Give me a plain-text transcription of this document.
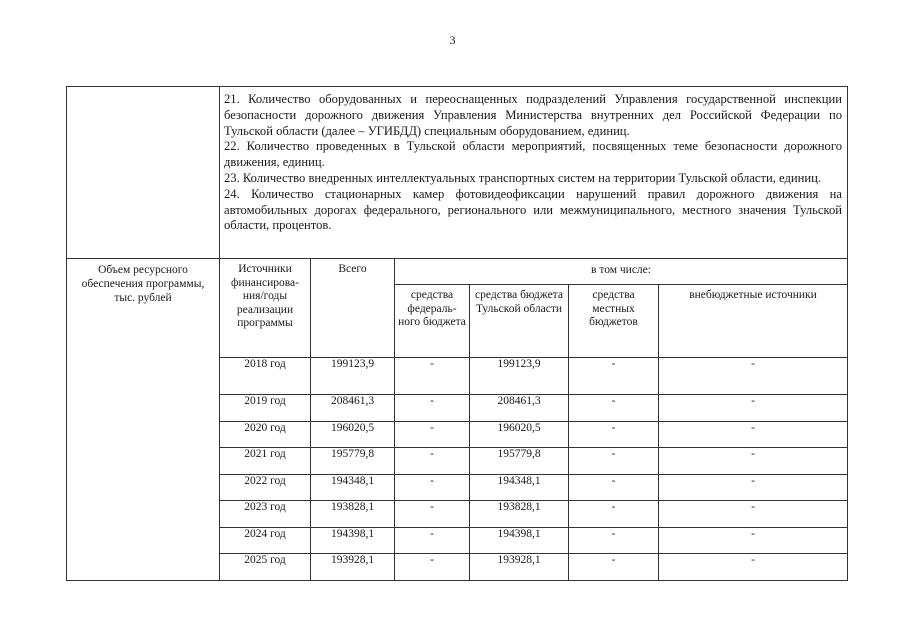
3

	21. Количество оборудованных и переоснащенных подразделений Управления государственной инспекции безопасности дорожного движения Управления Министерства внутренних дел Российской Федерации по Тульской области (далее – УГИБДД) специальным оборудованием, единиц.

22. Количество проведенных в Тульской области мероприятий, посвященных теме безопасности дорожного движения, единиц.

23. Количество внедренных интеллектуальных транспортных систем на территории Тульской области, единиц.

24. Количество стационарных камер фотовидеофиксации нарушений правил дорожного движения на автомобильных дорогах федерального, регионального или межмуниципального, местного значения Тульской области, процентов.					

Объем ресурсного обеспечения программы, тыс. рублей	Источники финансирова-ния/годы реализации программы	Всего	в том числе:			
			средства федераль-ного бюджета	средства бюджета Тульской области	средства местных бюджетов	внебюджетные источники

	2018 год	199123,9	-	199123,9	-	-
	2019 год	208461,3	-	208461,3	-	-
	2020 год	196020,5	-	196020,5	-	-
	2021 год	195779,8	-	195779,8	-	-
	2022 год	194348,1	-	194348,1	-	-
	2023 год	193828,1	-	193828,1	-	-
	2024 год	194398,1	-	194398,1	-	-
	2025 год	193928,1	-	193928,1	-	-
